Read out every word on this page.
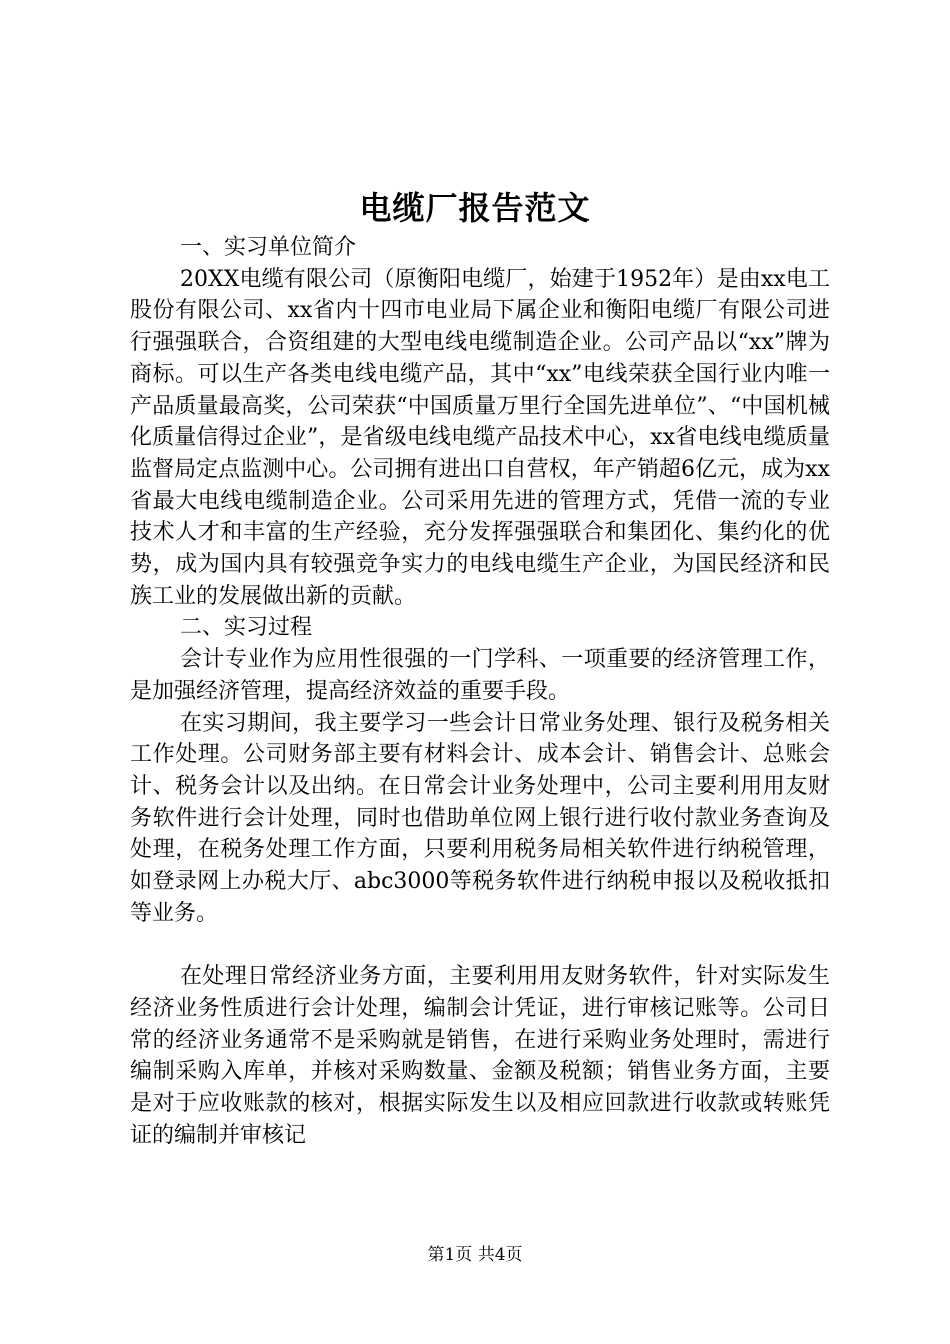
电缆厂报告范文

一、实习单位简介

20XX电缆有限公司（原衡阳电缆厂，始建于1952年）是由xx电工股份有限公司、xx省内十四市电业局下属企业和衡阳电缆厂有限公司进行强强联合，合资组建的大型电线电缆制造企业。公司产品以“xx”牌为商标。可以生产各类电线电缆产品，其中“xx”电线荣获全国行业内唯一产品质量最高奖，公司荣获“中国质量万里行全国先进单位”、“中国机械化质量信得过企业”，是省级电线电缆产品技术中心，xx省电线电缆质量监督局定点监测中心。公司拥有进出口自营权，年产销超6亿元，成为xx省最大电线电缆制造企业。公司采用先进的管理方式，凭借一流的专业技术人才和丰富的生产经验，充分发挥强强联合和集团化、集约化的优势，成为国内具有较强竞争实力的电线电缆生产企业，为国民经济和民族工业的发展做出新的贡献。

二、实习过程

会计专业作为应用性很强的一门学科、一项重要的经济管理工作，是加强经济管理，提高经济效益的重要手段。

在实习期间，我主要学习一些会计日常业务处理、银行及税务相关工作处理。公司财务部主要有材料会计、成本会计、销售会计、总账会计、税务会计以及出纳。在日常会计业务处理中，公司主要利用用友财务软件进行会计处理，同时也借助单位网上银行进行收付款业务查询及处理，在税务处理工作方面，只要利用税务局相关软件进行纳税管理，如登录网上办税大厅、abc3000等税务软件进行纳税申报以及税收抵扣等业务。

在处理日常经济业务方面，主要利用用友财务软件，针对实际发生经济业务性质进行会计处理，编制会计凭证，进行审核记账等。公司日常的经济业务通常不是采购就是销售，在进行采购业务处理时，需进行编制采购入库单，并核对采购数量、金额及税额；销售业务方面，主要是对于应收账款的核对，根据实际发生以及相应回款进行收款或转账凭证的编制并审核记

第1页 共4页
